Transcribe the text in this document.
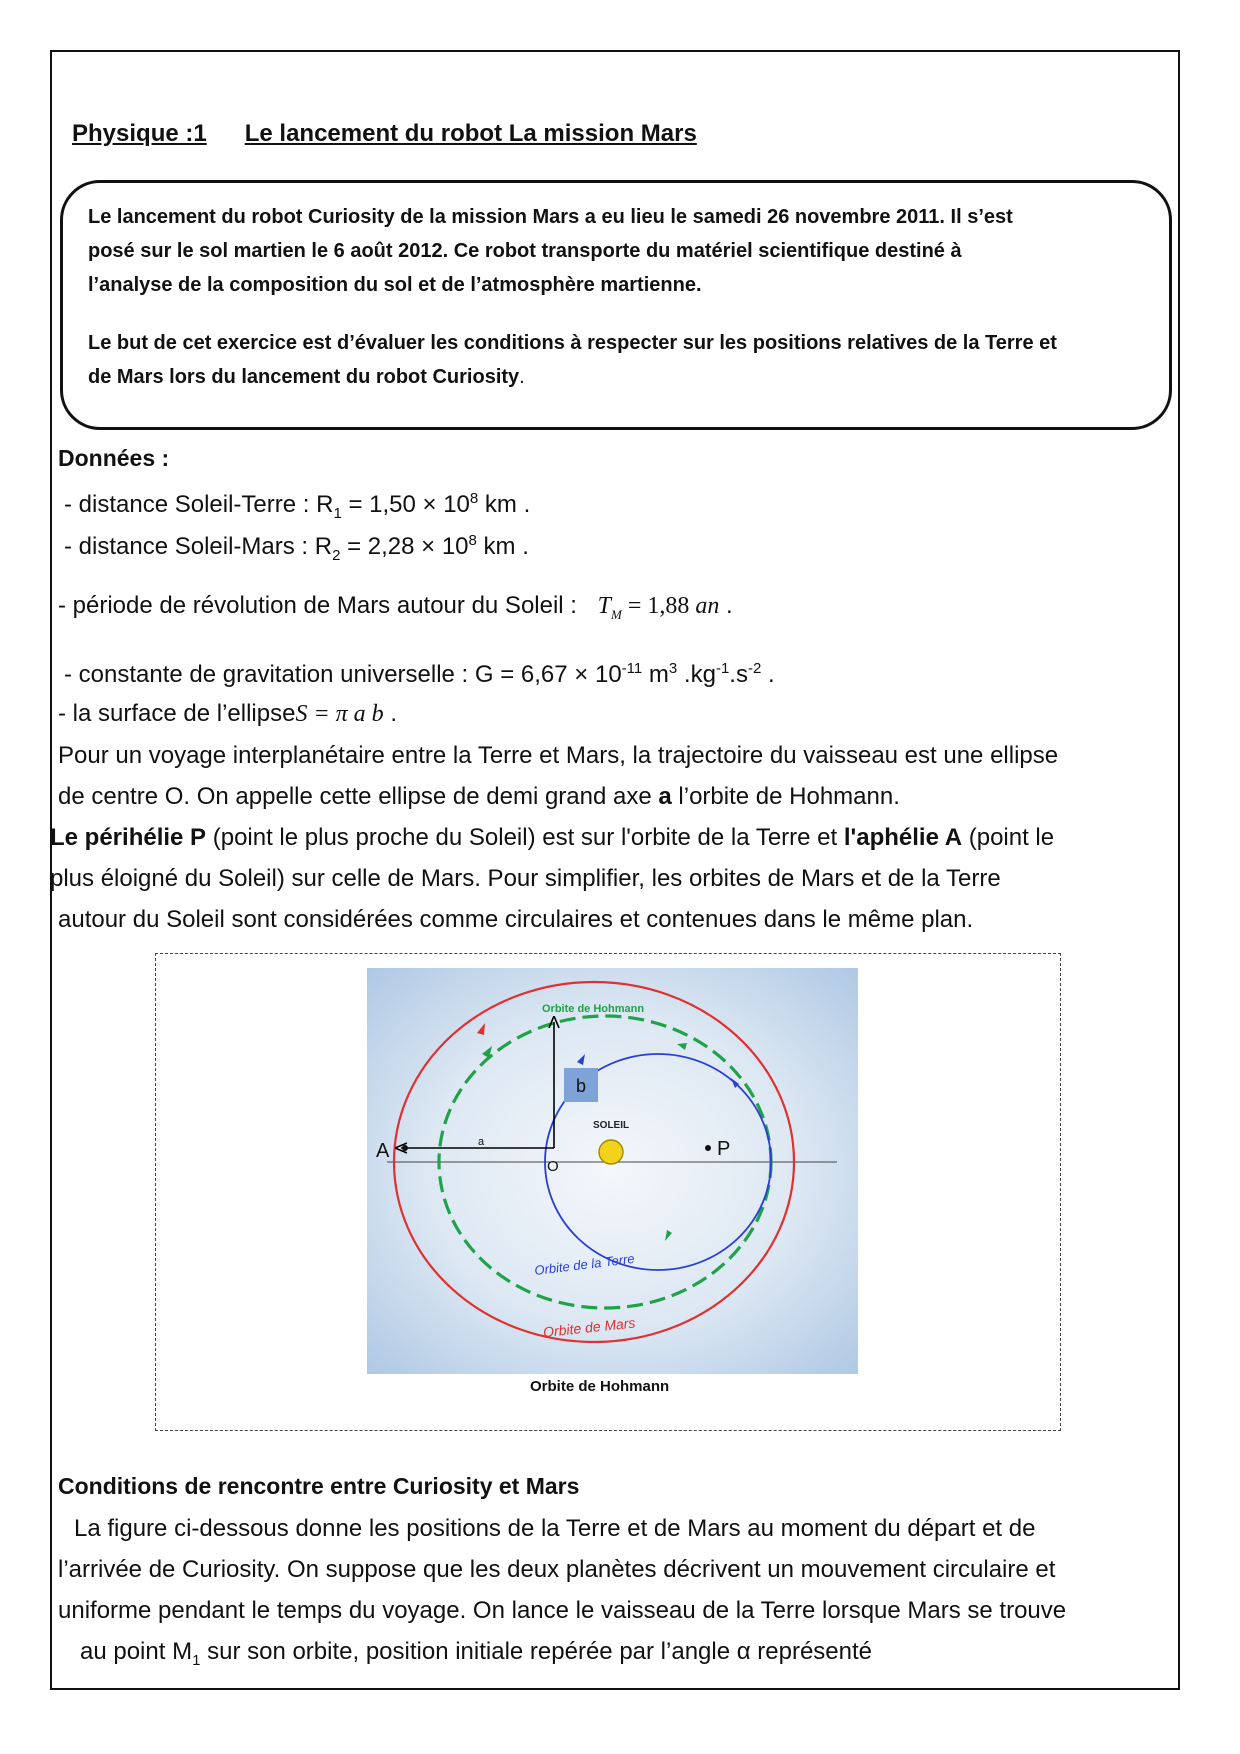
Physique :1 Le lancement du robot La mission Mars
Le lancement du robot Curiosity de la mission Mars a eu lieu le samedi 26 novembre 2011. Il s’est
posé sur le sol martien le 6 août 2012. Ce robot transporte du matériel scientifique destiné à
l’analyse de la composition du sol et de l’atmosphère martienne.
Le but de cet exercice est d’évaluer les conditions à respecter sur les positions relatives de la Terre et
de Mars lors du lancement du robot Curiosity.
Données :
- distance Soleil-Terre : $R_1 = 1,50 \times 10^8$ km .
- distance Soleil-Mars : $R_2 = 2,28 \times 10^8$ km .
- période de révolution de Mars autour du Soleil : $T_M = 1,88$ an .
- constante de gravitation universelle : $G = 6,67 \times 10^{-11}$ $m^3$ $.kg^{-1}.s^{-2}$ .
- la surface de l’ellipseS = π a b .
Pour un voyage interplanétaire entre la Terre et Mars, la trajectoire du vaisseau est une ellipse
de centre O. On appelle cette ellipse de demi grand axe a l’orbite de Hohmann.
Le périhélie P (point le plus proche du Soleil) est sur l'orbite de la Terre et l'aphélie A (point le
plus éloigné du Soleil) sur celle de Mars. Pour simplifier, les orbites de Mars et de la Terre
autour du Soleil sont considérées comme circulaires et contenues dans le même plan.
b
SOLEIL
a
A
O
P
Orbite de Hohmann
Orbite de la Terre
Orbite de Mars
Orbite de Hohmann
Conditions de rencontre entre Curiosity et Mars
La figure ci-dessous donne les positions de la Terre et de Mars au moment du départ et de
l’arrivée de Curiosity. On suppose que les deux planètes décrivent un mouvement circulaire et
uniforme pendant le temps du voyage. On lance le vaisseau de la Terre lorsque Mars se trouve
au point $M_1$ sur son orbite, position initiale repérée par l’angle α représenté
